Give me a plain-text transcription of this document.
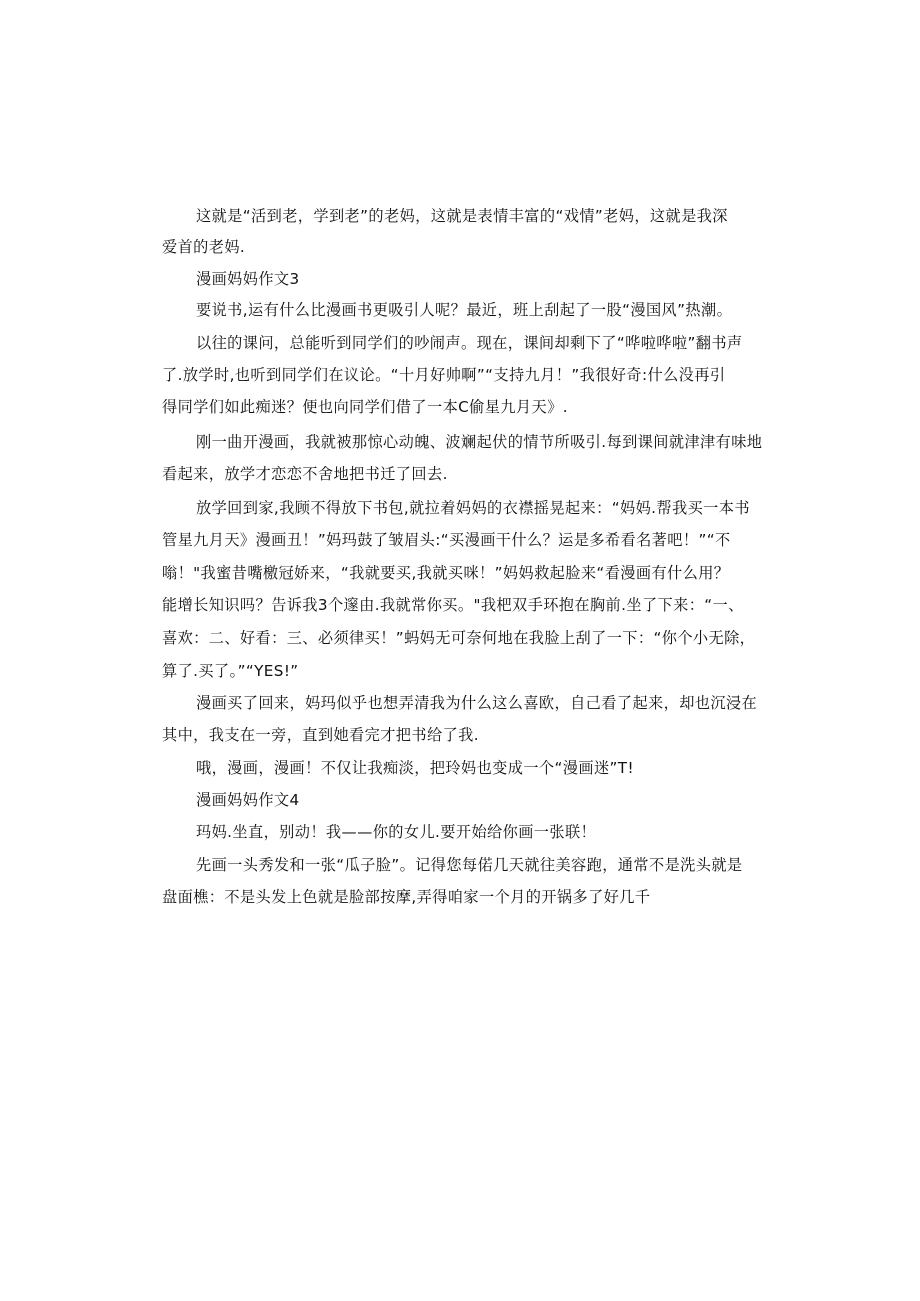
这就是“活到老，学到老”的老妈，这就是表情丰富的“戏情”老妈，这就是我深

爱首的老妈.

漫画妈妈作文3

要说书,运有什么比漫画书更吸引人呢？最近，班上刮起了一股“漫国风”热潮。

以往的课问，总能听到同学们的吵闹声。现在，课间却剩下了“哗啦哗啦”翻书声

了.放学时,也听到同学们在议论。“十月好帅啊”“支持九月！”我很好奇:什么没再引

得同学们如此痴迷？便也向同学们借了一本C偷星九月天》.

刚一曲开漫画，我就被那惊心动魄、波斓起伏的情节所吸引.每到课间就津津有味地

看起来，放学才恋恋不舍地把书迁了回去.

放学回到家,我顾不得放下书包,就拉着妈妈的衣襟摇晃起来：“妈妈.帮我买一本书

管星九月天》漫画丑！”妈玛鼓了皱眉头:“买漫画干什么？运是多希看名著吧！”“不

嗡！"我蜜昔嘴檄冠娇来，“我就要买,我就买咪！”妈妈救起脸来“看漫画有什么用？

能增长知识吗？告诉我3个邃由.我就常你买。"我杷双手环抱在胸前.坐了下来：“一、

喜欢：二、好看：三、必须律买！”蚂妈无可奈何地在我脸上刮了一下：“你个小无除，

算了.买了。”“YES!”

漫画买了回来，妈玛似乎也想弄清我为什么这么喜欧，自己看了起来，却也沉浸在

其中，我支在一旁，直到她看完才把书给了我.

哦，漫画，漫画！不仅让我痴淡，把玲妈也变成一个“漫画迷”T!

漫画妈妈作文4

玛妈.坐直，别动！我——你的女儿.要开始给你画一张联！

先画一头秀发和一张“瓜子脸”。记得您每偌几天就往美容跑，通常不是洗头就是

盘面樵：不是头发上色就是脸部按摩,弄得咱家一个月的开锅多了好几千
